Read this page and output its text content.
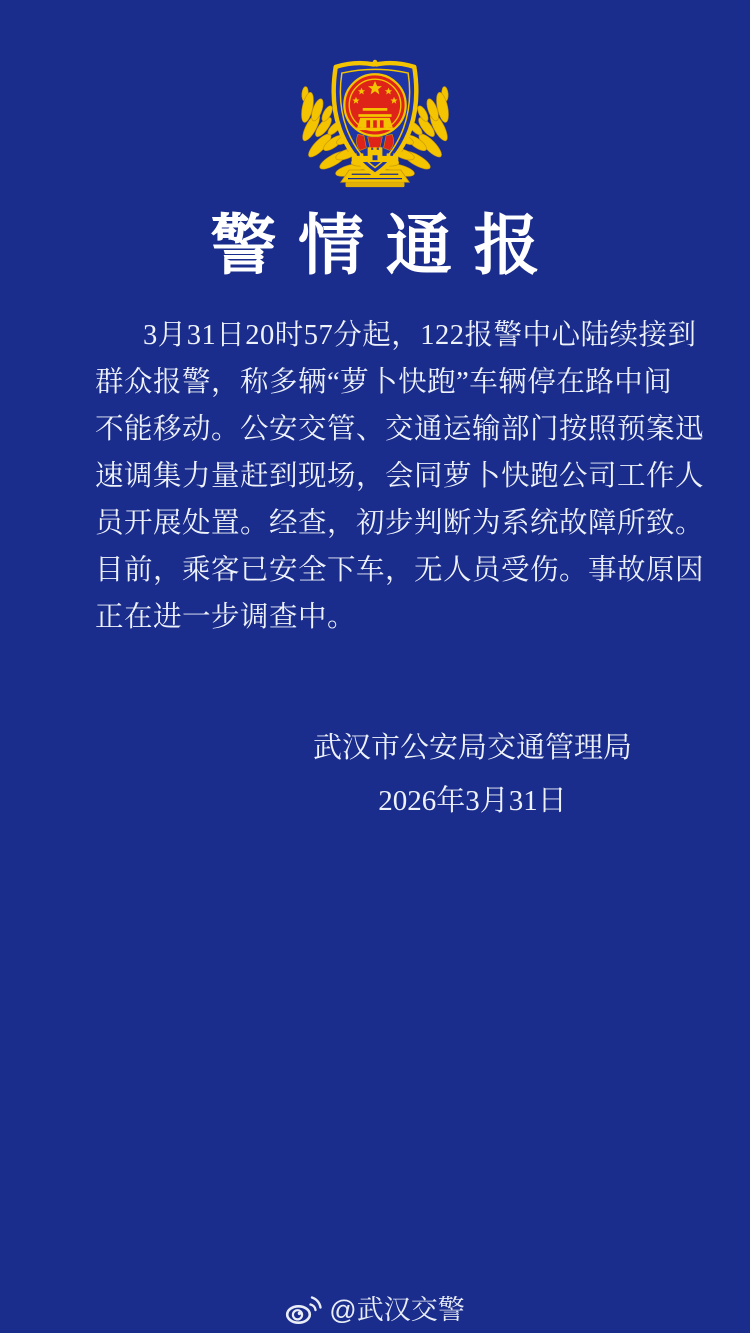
警情通报
3月31日20时57分起，122报警中心陆续接到
群众报警，称多辆“萝卜快跑”车辆停在路中间
不能移动。公安交管、交通运输部门按照预案迅
速调集力量赶到现场，会同萝卜快跑公司工作人
员开展处置。经查，初步判断为系统故障所致。
目前，乘客已安全下车，无人员受伤。事故原因
正在进一步调查中。
武汉市公安局交通管理局
2026年3月31日
@武汉交警
